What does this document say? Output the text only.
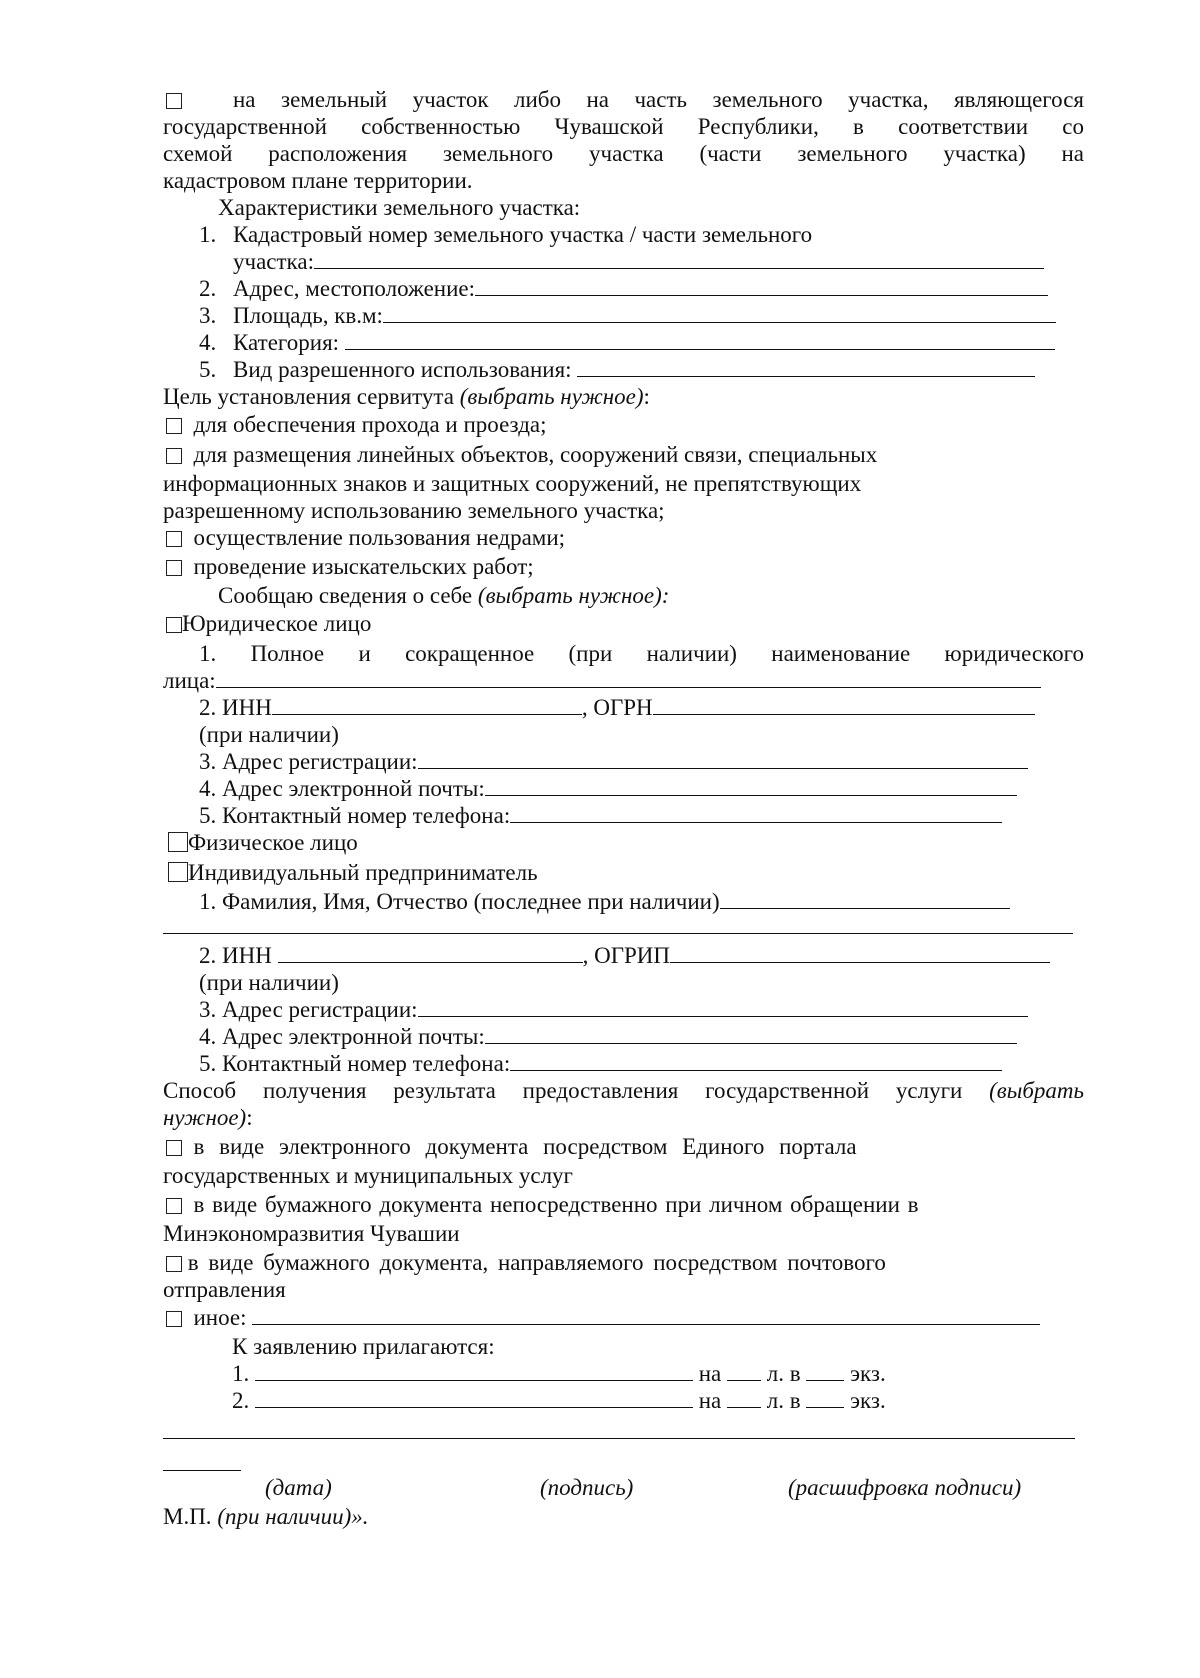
на земельный участок либо на часть земельного участка, являющегося
государственной собственностью Чувашской Республики, в соответствии со
схемой расположения земельного участка (части земельного участка) на
кадастровом плане территории.
Характеристики земельного участка:
1. Кадастровый номер земельного участка / части земельного
участка:
2. Адрес, местоположение:
3. Площадь, кв.м:
4. Категория:
5. Вид разрешенного использования:
Цель установления сервитута (выбрать нужное):
для обеспечения прохода и проезда;
для размещения линейных объектов, сооружений связи, специальных
информационных знаков и защитных сооружений, не препятствующих
разрешенному использованию земельного участка;
осуществление пользования недрами;
проведение изыскательских работ;
Сообщаю сведения о себе (выбрать нужное):
Юридическое лицо
1. Полное и сокращенное (при наличии) наименование юридического
лица:
2. ИНН	, ОГРН
(при наличии)
3. Адрес регистрации:
4. Адрес электронной почты:
5. Контактный номер телефона:
Физическое лицо
Индивидуальный предприниматель
1. Фамилия, Имя, Отчество (последнее при наличии)
2. ИНН	, ОГРИП
(при наличии)
3. Адрес регистрации:
4. Адрес электронной почты:
5. Контактный номер телефона:
Способ получения результата предоставления государственной услуги (выбрать
нужное):
в виде электронного документа посредством Единого портала
государственных и муниципальных услуг
в виде бумажного документа непосредственно при личном обращении в
Минэкономразвития Чувашии
в виде бумажного документа, направляемого посредством почтового
отправления
иное:
К заявлению прилагаются:
1.	на л. в экз.
2.	на л. в экз.
(дата)	(подпись)	(расшифровка подписи)
М.П. (при наличии)».
